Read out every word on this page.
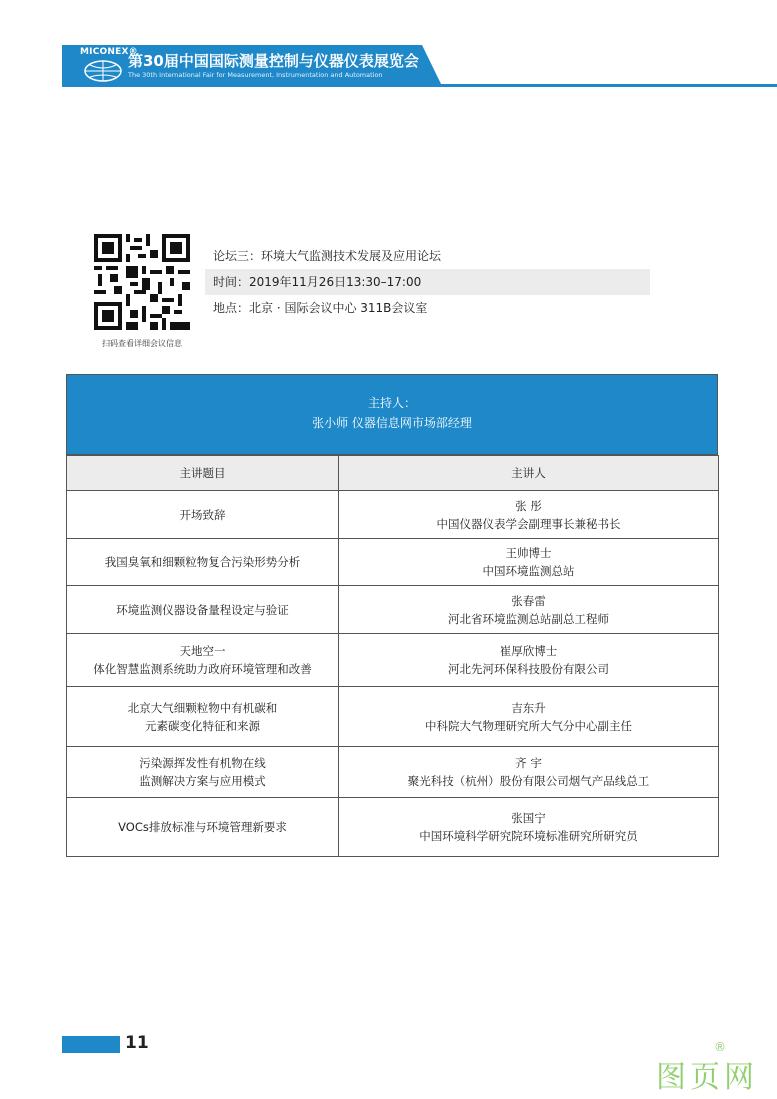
MICONEX®
第30届中国国际测量控制与仪器仪表展览会
The 30th International Fair for Measurement, Instrumentation and Automation
扫码查看详细会议信息
论坛三：环境大气监测技术发展及应用论坛
时间：2019年11月26日13:30–17:00
地点：北京 · 国际会议中心 311B会议室
主持人：
张小师 仪器信息网市场部经理
主讲题目	主讲人

开场致辞	张 彤
中国仪器仪表学会副理事长兼秘书长

我国臭氧和细颗粒物复合污染形势分析	王帅博士
中国环境监测总站

环境监测仪器设备量程设定与验证	张春雷
河北省环境监测总站副总工程师

天地空一
体化智慧监测系统助力政府环境管理和改善	崔厚欣博士
河北先河环保科技股份有限公司

北京大气细颗粒物中有机碳和
元素碳变化特征和来源	吉东升
中科院大气物理研究所大气分中心副主任

污染源挥发性有机物在线
监测解决方案与应用模式	齐 宇
聚光科技（杭州）股份有限公司烟气产品线总工

VOCs排放标准与环境管理新要求	张国宁
中国环境科学研究院环境标准研究所研究员
11
图页网
®
